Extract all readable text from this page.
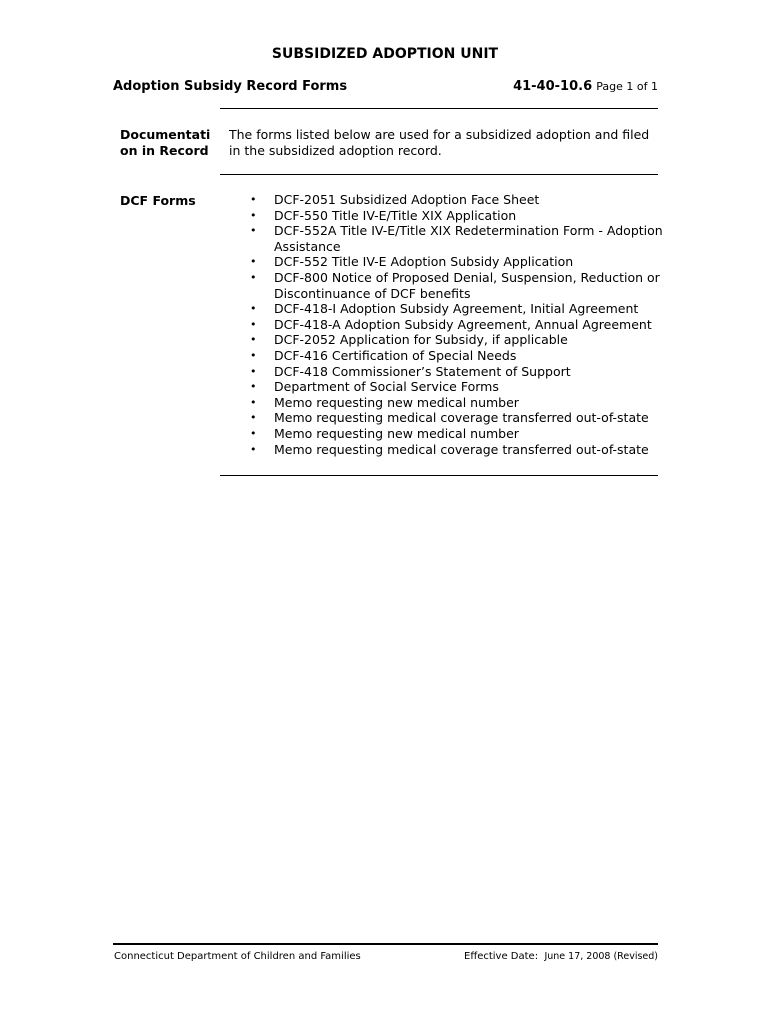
SUBSIDIZED ADOPTION UNIT
Adoption Subsidy Record Forms	41-40-10.6 Page 1 of 1
Documentati
on in Record
The forms listed below are used for a subsidized adoption and filed in the subsidized adoption record.
DCF Forms
•	DCF-2051 Subsidized Adoption Face Sheet
• DCF-550 Title IV-E/Title XIX Application
• DCF-552A Title IV-E/Title XIX Redetermination Form - Adoption Assistance
• DCF-552 Title IV-E Adoption Subsidy Application
• DCF-800 Notice of Proposed Denial, Suspension, Reduction or Discontinuance of DCF benefits
• DCF-418-I Adoption Subsidy Agreement, Initial Agreement
• DCF-418-A Adoption Subsidy Agreement, Annual Agreement
• DCF-2052 Application for Subsidy, if applicable
• DCF-416 Certification of Special Needs
• DCF-418 Commissioner’s Statement of Support
• Department of Social Service Forms
• Memo requesting new medical number
• Memo requesting medical coverage transferred out-of-state
• Memo requesting new medical number
• Memo requesting medical coverage transferred out-of-state
Connecticut Department of Children and Families	Effective Date: June 17, 2008 (Revised)
